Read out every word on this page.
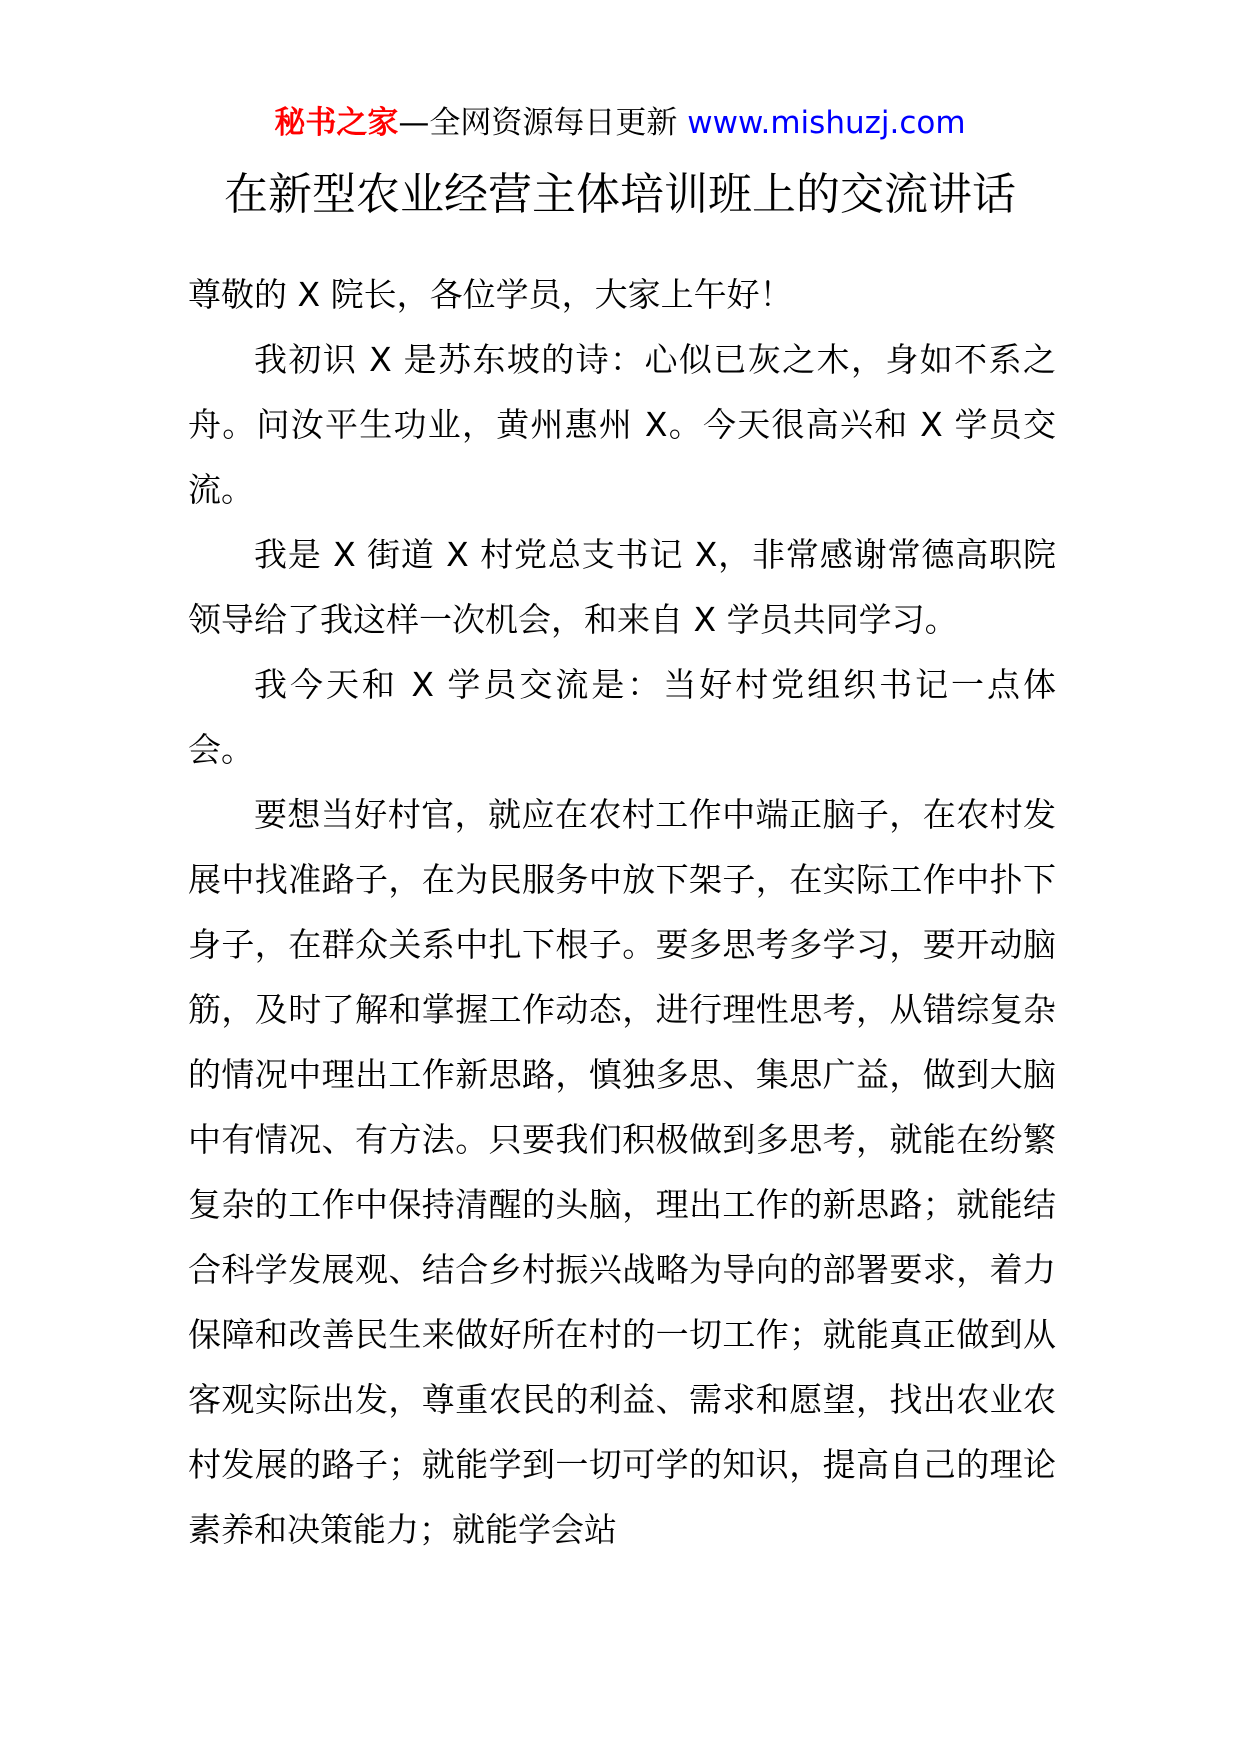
秘书之家—全网资源每日更新 www.mishuzj.com
在新型农业经营主体培训班上的交流讲话

尊敬的 X 院长，各位学员，大家上午好！

我初识 X 是苏东坡的诗：心似已灰之木，身如不系之舟。问汝平生功业，黄州惠州 X。今天很高兴和 X 学员交流。

我是 X 街道 X 村党总支书记 X，非常感谢常德高职院领导给了我这样一次机会，和来自 X 学员共同学习。

我今天和 X 学员交流是：当好村党组织书记一点体会。

要想当好村官，就应在农村工作中端正脑子，在农村发展中找准路子，在为民服务中放下架子，在实际工作中扑下身子，在群众关系中扎下根子。要多思考多学习，要开动脑筋，及时了解和掌握工作动态，进行理性思考，从错综复杂的情况中理出工作新思路，慎独多思、集思广益，做到大脑中有情况、有方法。只要我们积极做到多思考，就能在纷繁复杂的工作中保持清醒的头脑，理出工作的新思路；就能结合科学发展观、结合乡村振兴战略为导向的部署要求，着力保障和改善民生来做好所在村的一切工作；就能真正做到从客观实际出发，尊重农民的利益、需求和愿望，找出农业农村发展的路子；就能学到一切可学的知识，提高自己的理论素养和决策能力；就能学会站
